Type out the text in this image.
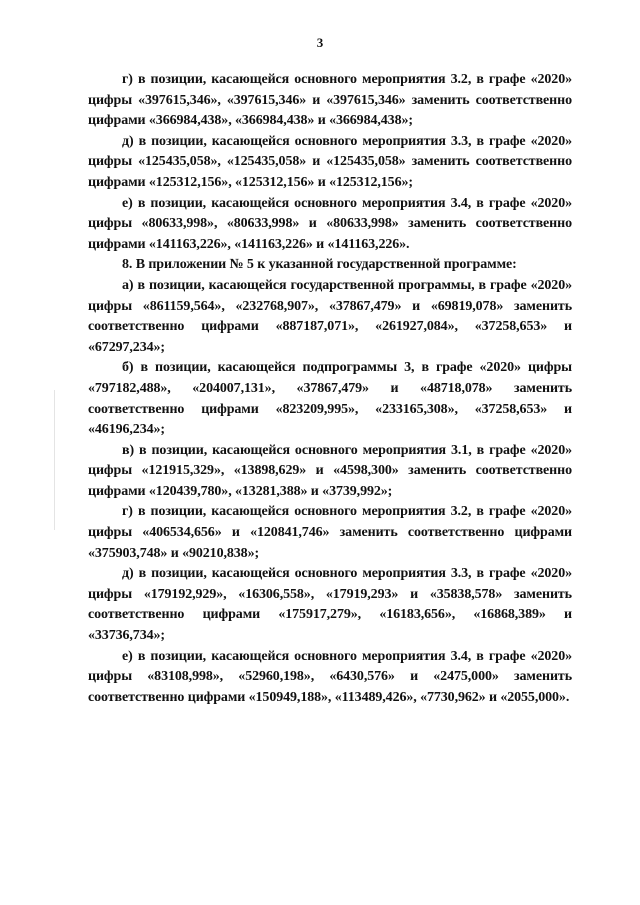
3

г) в позиции, касающейся основного мероприятия 3.2, в графе «2020» цифры «397615,346», «397615,346» и «397615,346» заменить соответственно цифрами «366984,438», «366984,438» и «366984,438»;

д) в позиции, касающейся основного мероприятия 3.3, в графе «2020» цифры «125435,058», «125435,058» и «125435,058» заменить соответственно цифрами «125312,156», «125312,156» и «125312,156»;

е) в позиции, касающейся основного мероприятия 3.4, в графе «2020» цифры «80633,998», «80633,998» и «80633,998» заменить соответственно цифрами «141163,226», «141163,226» и «141163,226».

8. В приложении № 5 к указанной государственной программе:

а) в позиции, касающейся государственной программы, в графе «2020» цифры «861159,564», «232768,907», «37867,479» и «69819,078» заменить соответственно цифрами «887187,071», «261927,084», «37258,653» и «67297,234»;

б) в позиции, касающейся подпрограммы 3, в графе «2020» цифры «797182,488», «204007,131», «37867,479» и «48718,078» заменить соответственно цифрами «823209,995», «233165,308», «37258,653» и «46196,234»;

в) в позиции, касающейся основного мероприятия 3.1, в графе «2020» цифры «121915,329», «13898,629» и «4598,300» заменить соответственно цифрами «120439,780», «13281,388» и «3739,992»;

г) в позиции, касающейся основного мероприятия 3.2, в графе «2020» цифры «406534,656» и «120841,746» заменить соответственно цифрами «375903,748» и «90210,838»;

д) в позиции, касающейся основного мероприятия 3.3, в графе «2020» цифры «179192,929», «16306,558», «17919,293» и «35838,578» заменить соответственно цифрами «175917,279», «16183,656», «16868,389» и «33736,734»;

е) в позиции, касающейся основного мероприятия 3.4, в графе «2020» цифры «83108,998», «52960,198», «6430,576» и «2475,000» заменить соответственно цифрами «150949,188», «113489,426», «7730,962» и «2055,000».
